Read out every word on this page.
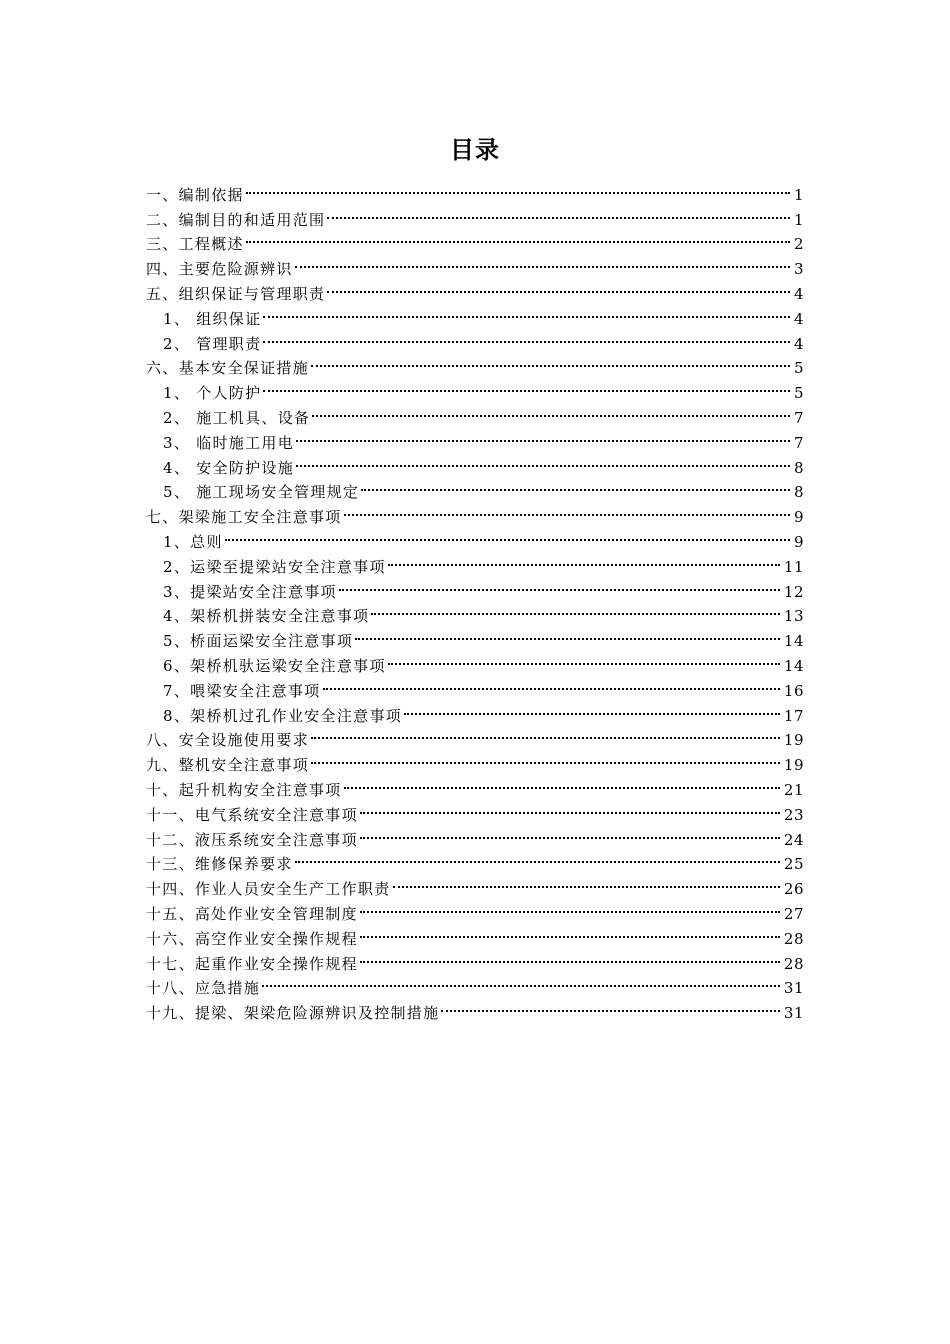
目录
一、编制依据	1
二、编制目的和适用范围	1
三、工程概述	2
四、主要危险源辨识	3
五、组织保证与管理职责	4
1、 组织保证	4
2、 管理职责	4
六、基本安全保证措施	5
1、 个人防护	5
2、 施工机具、设备	7
3、 临时施工用电	7
4、 安全防护设施	8
5、 施工现场安全管理规定	8
七、架梁施工安全注意事项	9
1、总则	9
2、运梁至提梁站安全注意事项	11
3、提梁站安全注意事项	12
4、架桥机拼装安全注意事项	13
5、桥面运梁安全注意事项	14
6、架桥机驮运梁安全注意事项	14
7、喂梁安全注意事项	16
8、架桥机过孔作业安全注意事项	17
八、安全设施使用要求	19
九、整机安全注意事项	19
十、起升机构安全注意事项	21
十一、电气系统安全注意事项	23
十二、液压系统安全注意事项	24
十三、维修保养要求	25
十四、作业人员安全生产工作职责	26
十五、高处作业安全管理制度	27
十六、高空作业安全操作规程	28
十七、起重作业安全操作规程	28
十八、应急措施	31
十九、提梁、架梁危险源辨识及控制措施	31
